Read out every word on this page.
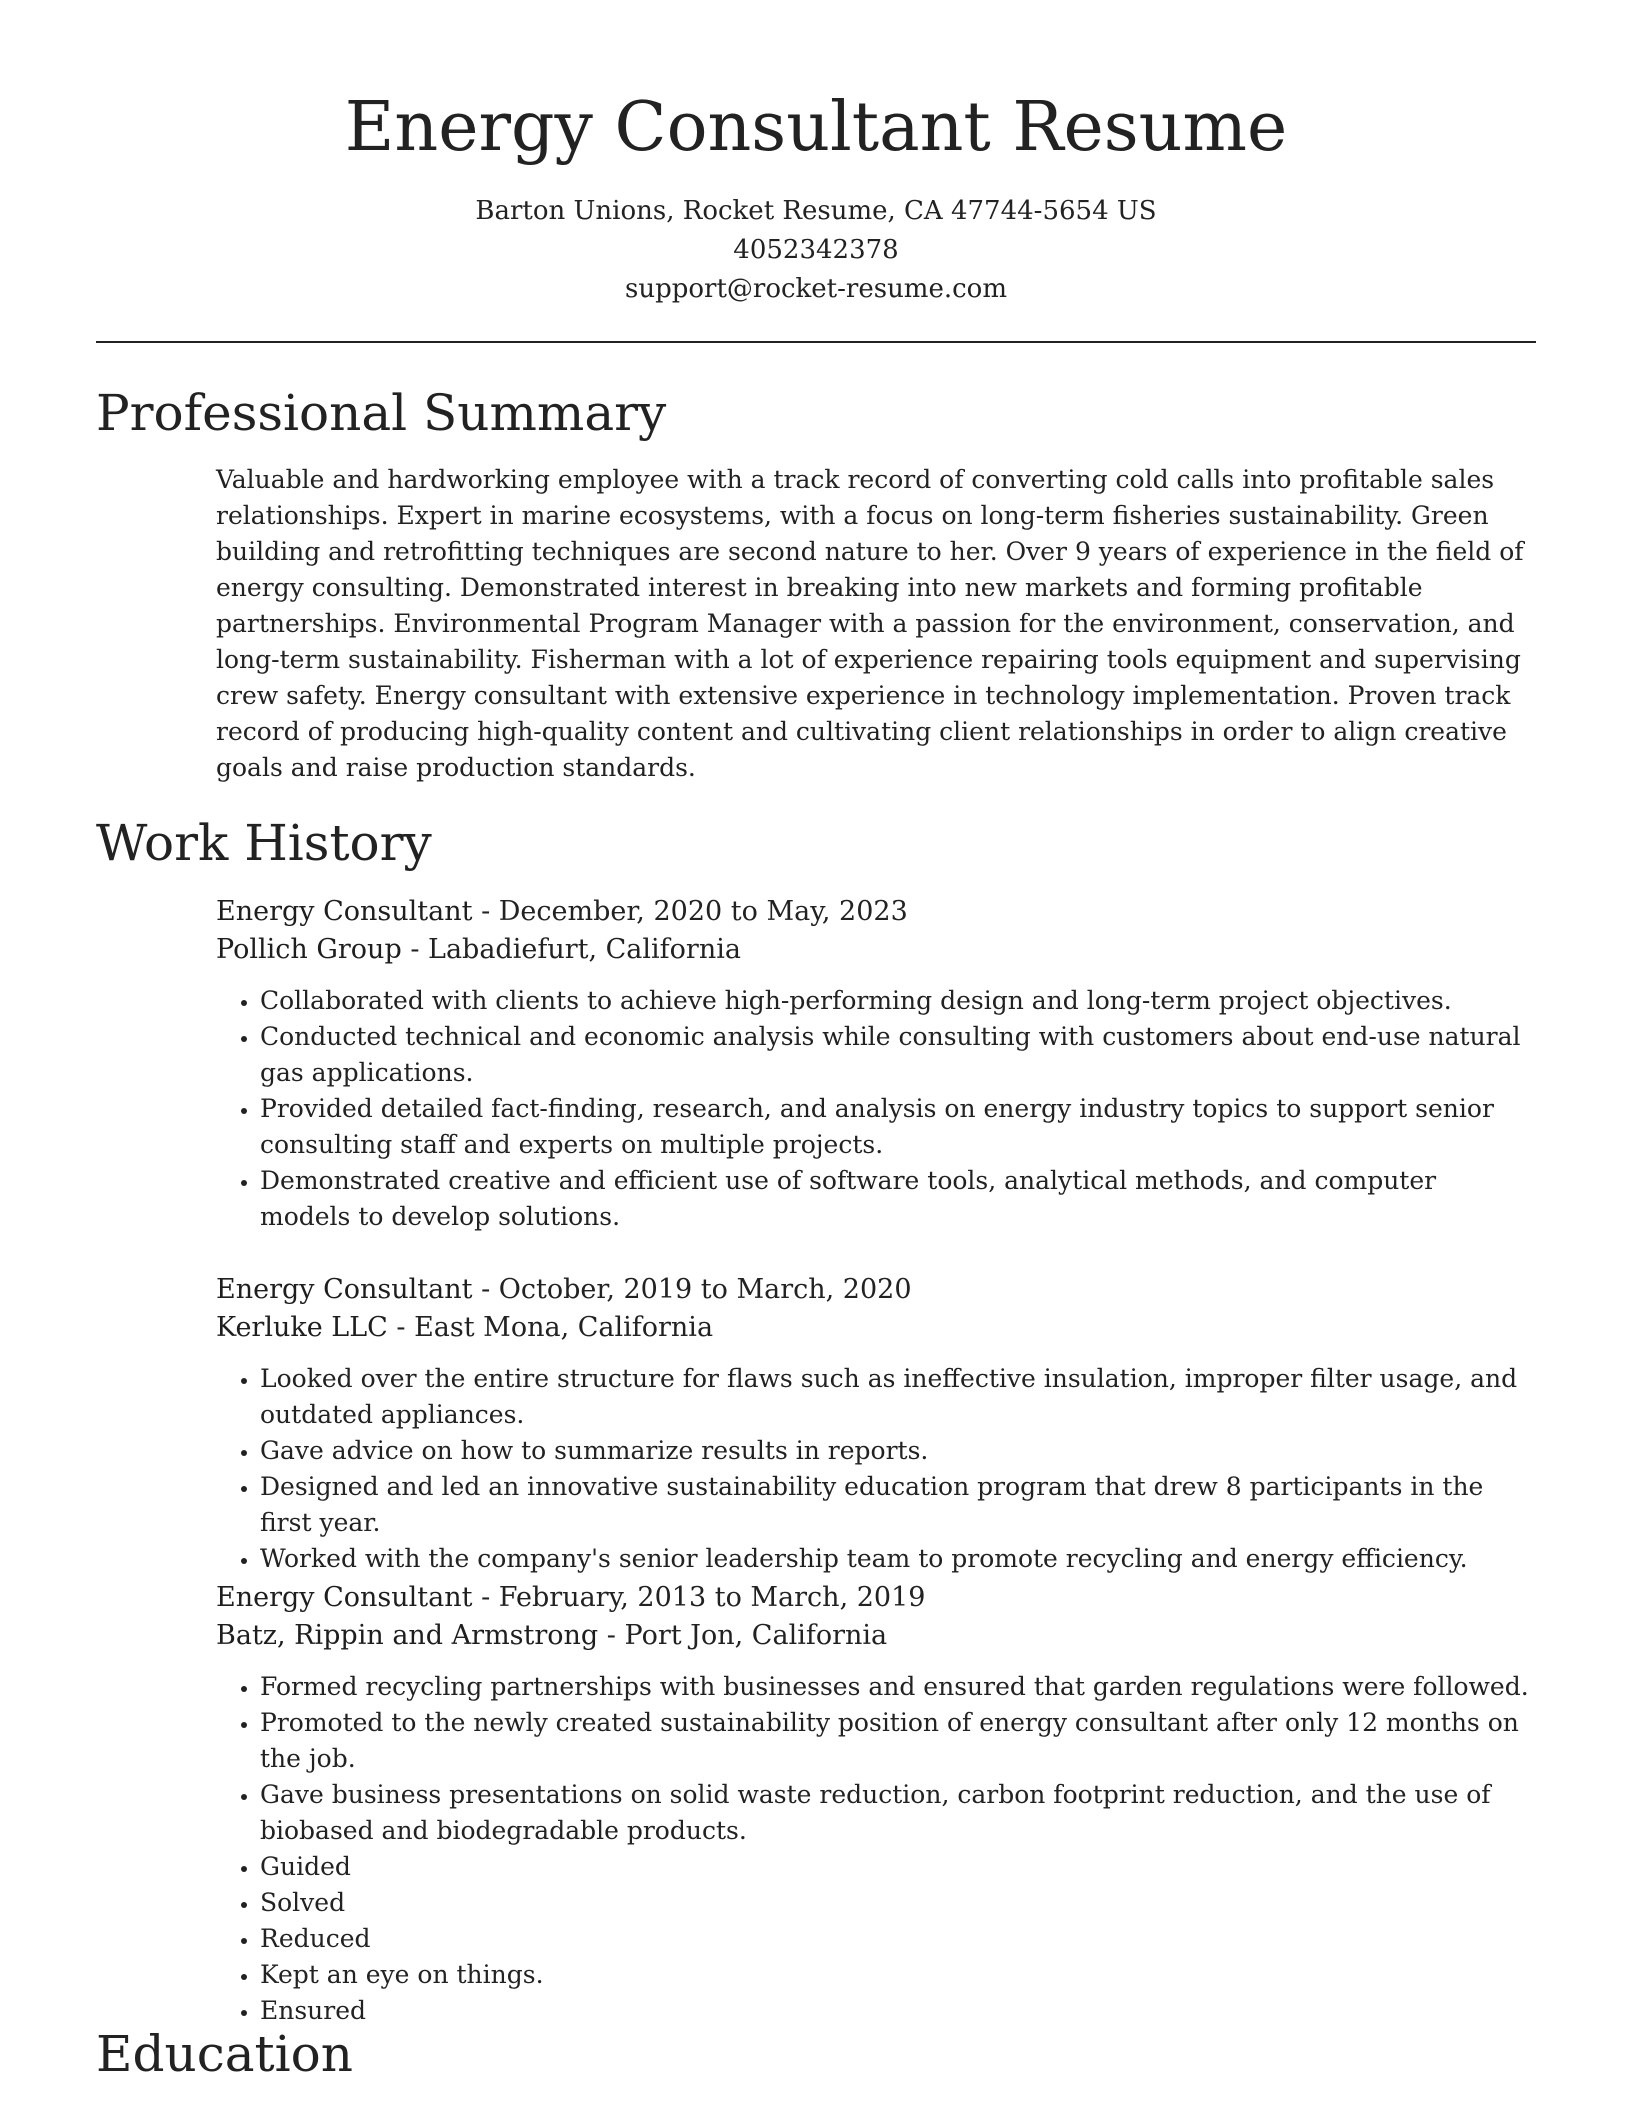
Energy Consultant Resume
Barton Unions, Rocket Resume, CA 47744-5654 US
4052342378
support@rocket-resume.com
Professional Summary

Valuable and hardworking employee with a track record of converting cold calls into profitable sales relationships. Expert in marine ecosystems, with a focus on long-term fisheries sustainability. Green building and retrofitting techniques are second nature to her. Over 9 years of experience in the field of energy consulting. Demonstrated interest in breaking into new markets and forming profitable partnerships. Environmental Program Manager with a passion for the environment, conservation, and long-term sustainability. Fisherman with a lot of experience repairing tools equipment and supervising crew safety. Energy consultant with extensive experience in technology implementation. Proven track record of producing high-quality content and cultivating client relationships in order to align creative goals and raise production standards.

Work History
Energy Consultant - December, 2020 to May, 2023
Pollich Group - Labadiefurt, California
• Collaborated with clients to achieve high-performing design and long-term project objectives.
• Conducted technical and economic analysis while consulting with customers about end-use natural gas applications.
• Provided detailed fact-finding, research, and analysis on energy industry topics to support senior consulting staff and experts on multiple projects.
• Demonstrated creative and efficient use of software tools, analytical methods, and computer models to develop solutions.
Energy Consultant - October, 2019 to March, 2020
Kerluke LLC - East Mona, California
• Looked over the entire structure for flaws such as ineffective insulation, improper filter usage, and outdated appliances.
• Gave advice on how to summarize results in reports.
• Designed and led an innovative sustainability education program that drew 8 participants in the first year.
• Worked with the company's senior leadership team to promote recycling and energy efficiency.
Energy Consultant - February, 2013 to March, 2019
Batz, Rippin and Armstrong - Port Jon, California
• Formed recycling partnerships with businesses and ensured that garden regulations were followed.
• Promoted to the newly created sustainability position of energy consultant after only 12 months on the job.
• Gave business presentations on solid waste reduction, carbon footprint reduction, and the use of biobased and biodegradable products.
• Guided
• Solved
• Reduced
• Kept an eye on things.
• Ensured
Education
